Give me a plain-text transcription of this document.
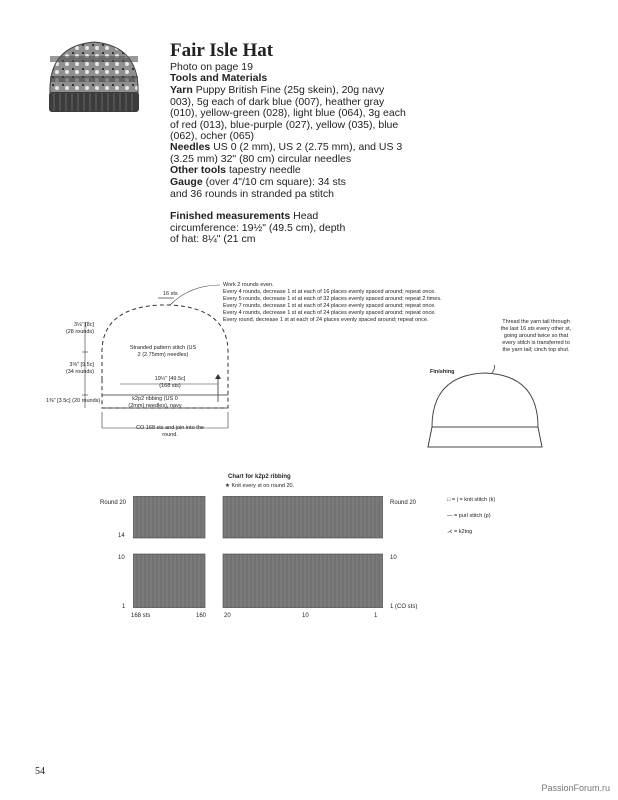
Fair Isle Hat
Photo on page 19
Tools and Materials
Yarn Puppy British Fine (25g skein), 20g navy 003), 5g each of dark blue (007), heather gray (010), yellow-green (028), light blue (064), 3g each of red (013), blue-purple (027), yellow (035), blue (062), ocher (065)
Needles US 0 (2 mm), US 2 (2.75 mm), and US 3 (3.25 mm) 32" (80 cm) circular needles
Other tools tapestry needle
Gauge (over 4"/10 cm square): 34 sts and 36 rounds in stranded pa stitch
Finished measurements Head circumference: 19½" (49.5 cm), depth of hat: 8¼" (21 cm
16 sts
Work 2 rounds even.
Every 4 rounds, decrease 1 st at each of 16 places evenly spaced around; repeat once.
Every 5 rounds, decrease 1 st at each of 32 places evenly spaced around; repeat 2 times.
Every 7 rounds, decrease 1 st at each of 24 places evenly spaced around; repeat once.
Every 4 rounds, decrease 1 st at each of 24 places evenly spaced around; repeat once.
Every round, decrease 1 st at each of 24 places evenly spaced around; repeat once.
3⅛" [8c]
(28 rounds)
3⅜" [9.5c]
(34 rounds)
1⅜" [3.5c] (20 rounds)
Stranded pattern stitch (US 2 (2.75mm) needles)
19½" [49.5c]
(168 sts)
k2p2 ribbing (US 0 (2mm) needles), navy
CO 168 sts and join into the round.
Finishing
Thread the yarn tail through the last 16 sts every other st, going around twice so that every stitch is transferred to the yarn tail; cinch top shut.
Chart for k2p2 ribbing
★ Knit every st on round 20.
Round 20
14
10
1
Round 20
10
1 (CO sts)
168 sts	160	20	10	1
□ = | = knit stitch (k)
— = purl stitch (p)
⋌ = k2tog
54
PassionForum.ru
